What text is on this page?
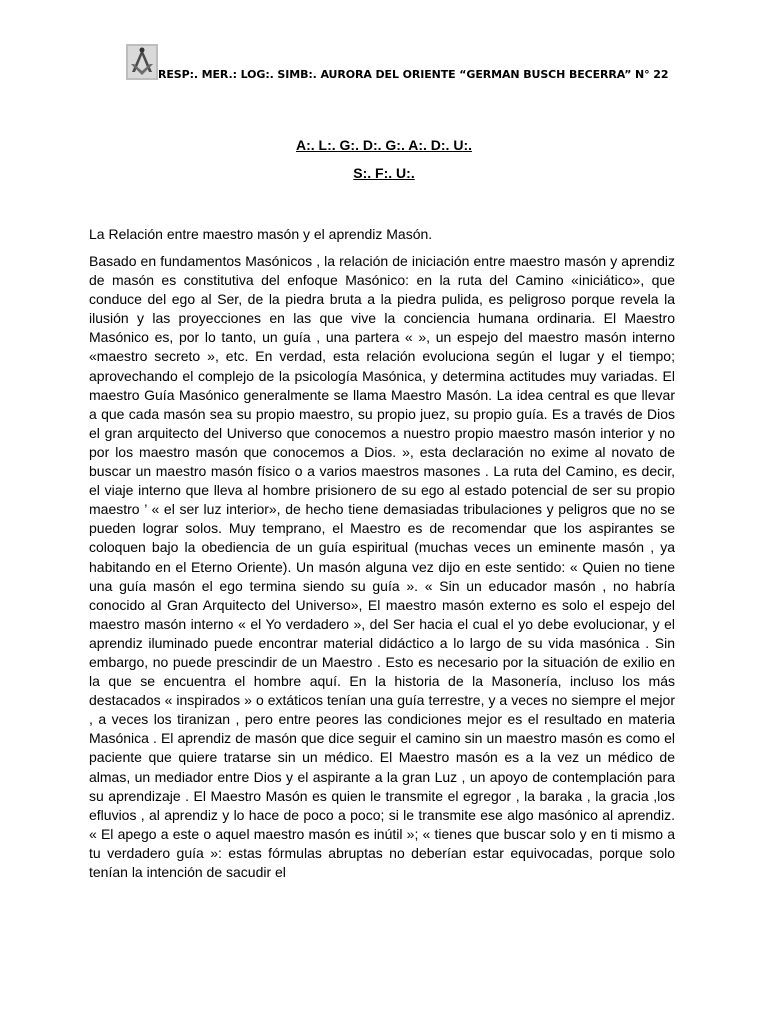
RESP:. MER.: LOG:. SIMB:. AURORA DEL ORIENTE “GERMAN BUSCH BECERRA” N° 22
A:. L:. G:. D:. G:. A:. D:. U:.
S:. F:. U:.
La Relación entre maestro masón y el aprendiz Masón.
Basado en fundamentos Masónicos , la relación de iniciación entre maestro masón y aprendiz de masón es constitutiva del enfoque Masónico: en la ruta del Camino «iniciático», que conduce del ego al Ser, de la piedra bruta a la piedra pulida, es peligroso porque revela la ilusión y las proyecciones en las que vive la conciencia humana ordinaria. El Maestro Masónico es, por lo tanto, un guía , una partera « », un espejo del maestro masón interno «maestro secreto », etc. En verdad, esta relación evoluciona según el lugar y el tiempo; aprovechando el complejo de la psicología Masónica, y determina actitudes muy variadas. El maestro Guía Masónico generalmente se llama Maestro Masón. La idea central es que llevar a que cada masón sea su propio maestro, su propio juez, su propio guía. Es a través de Dios el gran arquitecto del Universo que conocemos a nuestro propio maestro masón interior y no por los maestro masón que conocemos a Dios. », esta declaración no exime al novato de buscar un maestro masón físico o a varios maestros masones . La ruta del Camino, es decir, el viaje interno que lleva al hombre prisionero de su ego al estado potencial de ser su propio maestro ’ « el ser luz interior», de hecho tiene demasiadas tribulaciones y peligros que no se pueden lograr solos. Muy temprano, el Maestro es de recomendar que los aspirantes se coloquen bajo la obediencia de un guía espiritual (muchas veces un eminente masón , ya habitando en el Eterno Oriente). Un masón alguna vez dijo en este sentido: « Quien no tiene una guía masón el ego termina siendo su guía ». « Sin un educador masón , no habría conocido al Gran Arquitecto del Universo», El maestro masón externo es solo el espejo del maestro masón interno « el Yo verdadero », del Ser hacia el cual el yo debe evolucionar, y el aprendiz iluminado puede encontrar material didáctico a lo largo de su vida masónica . Sin embargo, no puede prescindir de un Maestro . Esto es necesario por la situación de exilio en la que se encuentra el hombre aquí. En la historia de la Masonería, incluso los más destacados « inspirados » o extáticos tenían una guía terrestre, y a veces no siempre el mejor , a veces los tiranizan , pero entre peores las condiciones mejor es el resultado en materia Masónica . El aprendiz de masón que dice seguir el camino sin un maestro masón es como el paciente que quiere tratarse sin un médico. El Maestro masón es a la vez un médico de almas, un mediador entre Dios y el aspirante a la gran Luz , un apoyo de contemplación para su aprendizaje . El Maestro Masón es quien le transmite el egregor , la baraka , la gracia ,los efluvios , al aprendiz y lo hace de poco a poco; si le transmite ese algo masónico al aprendiz. « El apego a este o aquel maestro masón es inútil »; « tienes que buscar solo y en ti mismo a tu verdadero guía »: estas fórmulas abruptas no deberían estar equivocadas, porque solo tenían la intención de sacudir el
